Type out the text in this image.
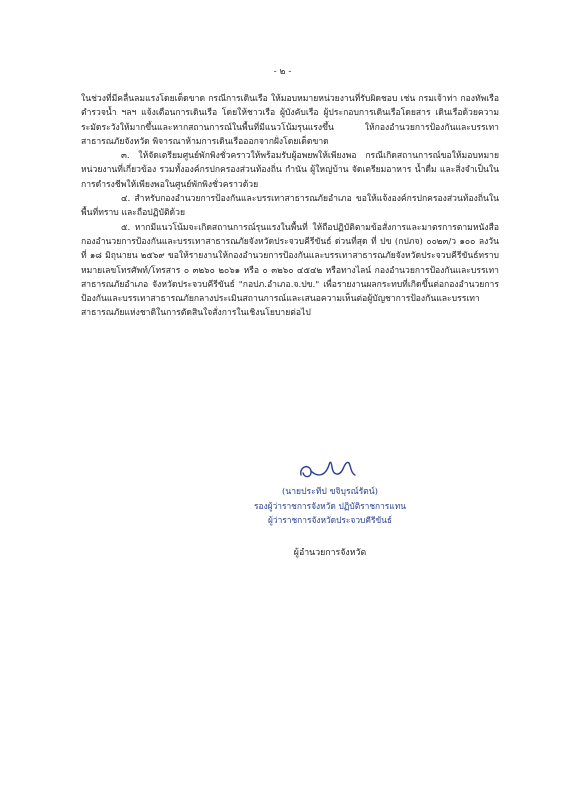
- ๒ -

ในช่วงที่มีคลื่นลมแรงโดยเด็ดขาด กรณีการเดินเรือ ให้มอบหมายหน่วยงานที่รับผิดชอบ เช่น กรมเจ้าท่า กองทัพเรือ ตำรวจน้ำ ฯลฯ แจ้งเตือนการเดินเรือ โดยให้ชาวเรือ ผู้บังคับเรือ ผู้ประกอบการเดินเรือโดยสาร เดินเรือด้วยความระมัดระวังให้มากขึ้นและหากสถานการณ์ในพื้นที่มีแนวโน้มรุนแรงขึ้น ให้กองอำนวยการป้องกันและบรรเทาสาธารณภัยจังหวัด พิจารณาห้ามการเดินเรือออกจากฝั่งโดยเด็ดขาด

๓. ให้จัดเตรียมศูนย์พักพิงชั่วคราวให้พร้อมรับผู้อพยพให้เพียงพอ กรณีเกิดสถานการณ์ขอให้มอบหมายหน่วยงานที่เกี่ยวข้อง รวมทั้งองค์กรปกครองส่วนท้องถิ่น กำนัน ผู้ใหญ่บ้าน จัดเตรียมอาหาร น้ำดื่ม และสิ่งจำเป็นในการดำรงชีพให้เพียงพอในศูนย์พักพิงชั่วคราวด้วย

๔. สำหรับกองอำนวยการป้องกันและบรรเทาสาธารณภัยอำเภอ ขอให้แจ้งองค์กรปกครองส่วนท้องถิ่นในพื้นที่ทราบ และถือปฏิบัติด้วย

๕. หากมีแนวโน้มจะเกิดสถานการณ์รุนแรงในพื้นที่ ให้ถือปฏิบัติตามข้อสั่งการและมาตรการตามหนังสือกองอำนวยการป้องกันและบรรเทาสาธารณภัยจังหวัดประจวบคีรีขันธ์ ด่วนที่สุด ที่ ปข (กปภจ) ๐๐๒๓/ว ๑๐๐ ลงวันที่ ๑๘ มิถุนายน ๒๕๖๙ ขอให้รายงานให้กองอำนวยการป้องกันและบรรเทาสาธารณภัยจังหวัดประจวบคีรีขันธ์ทราบ หมายเลขโทรศัพท์/โทรสาร ๐ ๓๒๖๐ ๒๐๖๑ หรือ ๐ ๓๒๖๐ ๔๕๔๒ หรือทางไลน์ กองอำนวยการป้องกันและบรรเทาสาธารณภัยอำเภอ จังหวัดประจวบคีรีขันธ์ "กอปภ.อำเภอ.จ.ปข." เพื่อรายงานผลกระทบที่เกิดขึ้นต่อกองอำนวยการป้องกันและบรรเทาสาธารณภัยกลางประเมินสถานการณ์และเสนอความเห็นต่อผู้บัญชาการป้องกันและบรรเทาสาธารณภัยแห่งชาติในการตัดสินใจสั่งการในเชิงนโยบายต่อไป

(นายประทีป ขจิบุรณ์รัตน์)
รองผู้ว่าราชการจังหวัด ปฏิบัติราชการแทน
ผู้ว่าราชการจังหวัดประจวบคีรีขันธ์
ผู้อำนวยการจังหวัด
